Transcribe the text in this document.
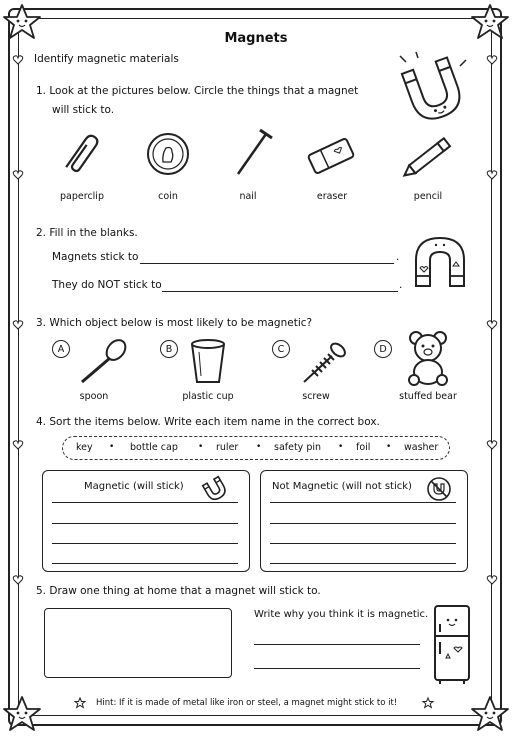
Magnets
Identify magnetic materials
1. Look at the pictures below. Circle the things that a magnet
will stick to.
paperclip	coin	nail	eraser	pencil
2. Fill in the blanks.
Magnets stick to	.
They do NOT stick to	.
3. Which object below is most likely to be magnetic?
A	B	C	D
spoon	plastic cup	screw	stuffed bear
4. Sort the items below. Write each item name in the correct box.
key • bottle cap • ruler • safety pin • foil • washer
Magnetic (will stick)	Not Magnetic (will not stick)
5. Draw one thing at home that a magnet will stick to.
Write why you think it is magnetic.
Hint: If it is made of metal like iron or steel, a magnet might stick to it!
